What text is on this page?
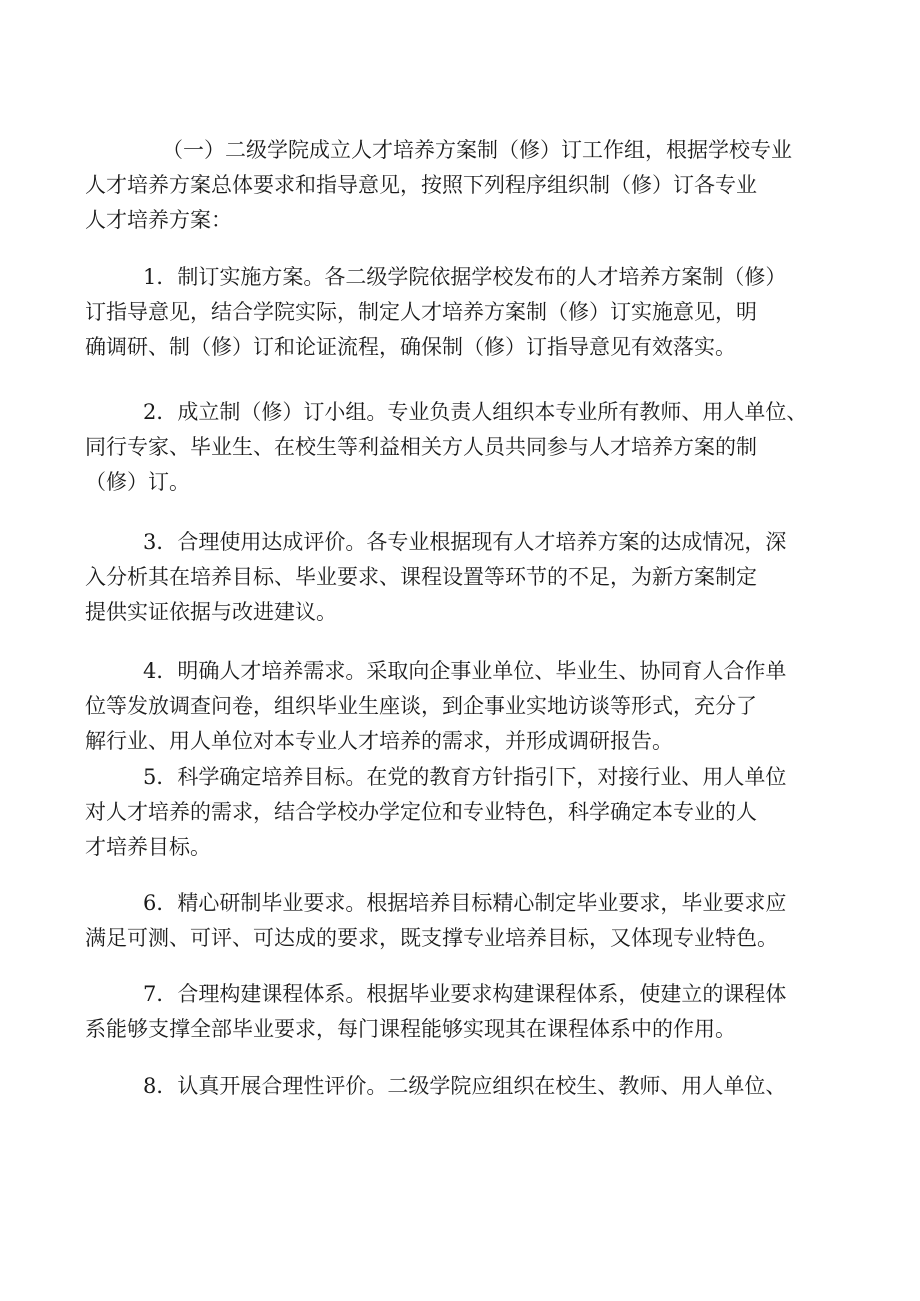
（一）二级学院成立人才培养方案制（修）订工作组，根据学校专业
人才培养方案总体要求和指导意见，按照下列程序组织制（修）订各专业
人才培养方案：
1．制订实施方案。各二级学院依据学校发布的人才培养方案制（修）
订指导意见，结合学院实际，制定人才培养方案制（修）订实施意见，明
确调研、制（修）订和论证流程，确保制（修）订指导意见有效落实。
2．成立制（修）订小组。专业负责人组织本专业所有教师、用人单位、
同行专家、毕业生、在校生等利益相关方人员共同参与人才培养方案的制
（修）订。
3．合理使用达成评价。各专业根据现有人才培养方案的达成情况，深
入分析其在培养目标、毕业要求、课程设置等环节的不足，为新方案制定
提供实证依据与改进建议。
4．明确人才培养需求。采取向企事业单位、毕业生、协同育人合作单
位等发放调查问卷，组织毕业生座谈，到企事业实地访谈等形式，充分了
解行业、用人单位对本专业人才培养的需求，并形成调研报告。
5．科学确定培养目标。在党的教育方针指引下，对接行业、用人单位
对人才培养的需求，结合学校办学定位和专业特色，科学确定本专业的人
才培养目标。
6．精心研制毕业要求。根据培养目标精心制定毕业要求，毕业要求应
满足可测、可评、可达成的要求，既支撑专业培养目标，又体现专业特色。
7．合理构建课程体系。根据毕业要求构建课程体系，使建立的课程体
系能够支撑全部毕业要求，每门课程能够实现其在课程体系中的作用。
8．认真开展合理性评价。二级学院应组织在校生、教师、用人单位、
